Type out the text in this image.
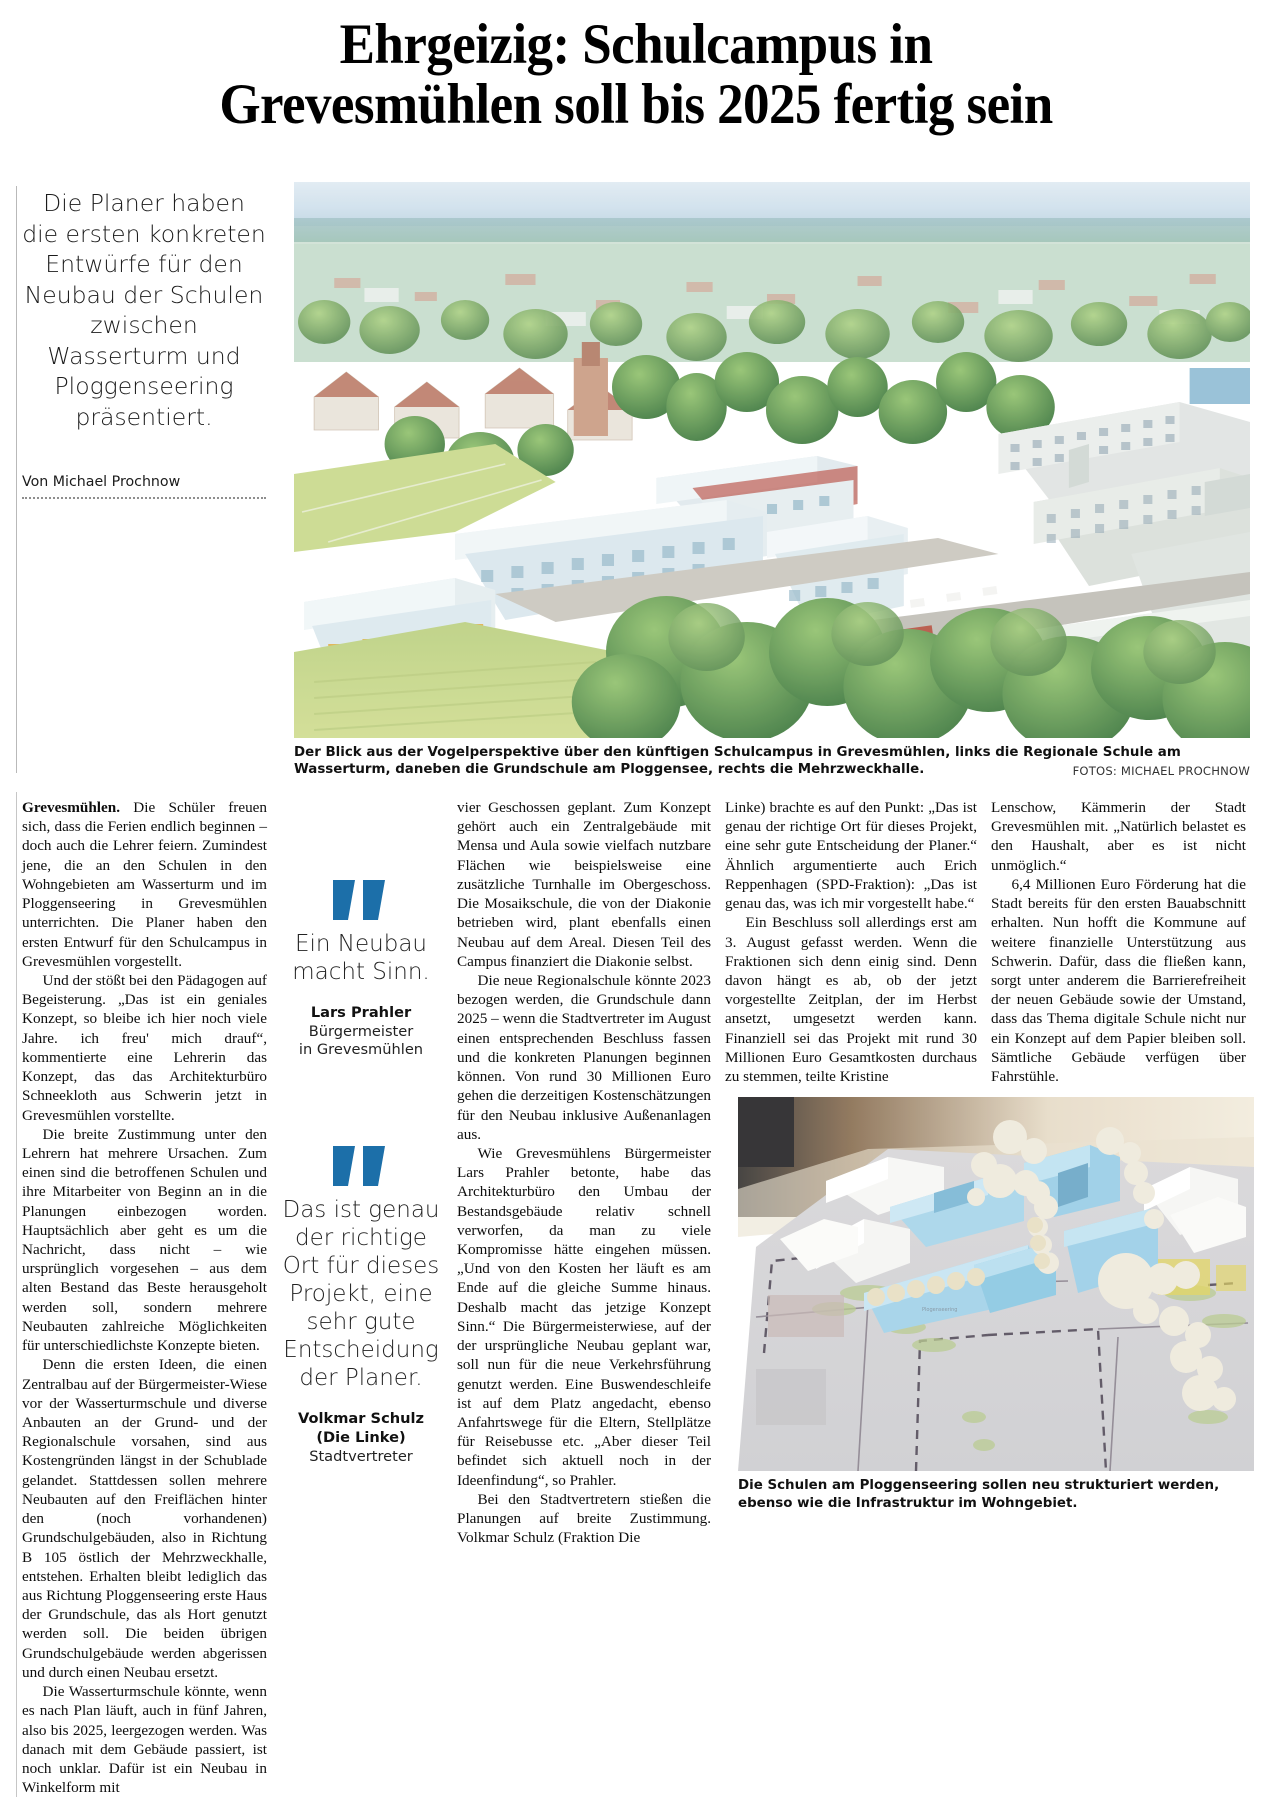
Ehrgeizig: Schulcampus in
Grevesmühlen soll bis 2025 fertig sein
Die Planer haben die ersten konkreten Entwürfe für den Neubau der Schulen zwischen Wasserturm und Ploggenseering präsentiert.
Von Michael Prochnow
Der Blick aus der Vogelperspektive über den künftigen Schulcampus in Grevesmühlen, links die Regionale Schule am Wasserturm, daneben die Grundschule am Ploggensee, rechts die Mehrzweckhalle.	FOTOS: MICHAEL PROCHNOW

Grevesmühlen. Die Schüler freuen sich, dass die Ferien endlich beginnen – doch auch die Lehrer feiern. Zumindest jene, die an den Schulen in den Wohngebieten am Wasserturm und im Ploggenseering in Grevesmühlen unterrichten. Die Planer haben den ersten Entwurf für den Schulcampus in Grevesmühlen vorgestellt.

Und der stößt bei den Pädagogen auf Begeisterung. „Das ist ein geniales Konzept, so bleibe ich hier noch viele Jahre. ich freu' mich drauf“, kommentierte eine Lehrerin das Konzept, das das Architekturbüro Schneekloth aus Schwerin jetzt in Grevesmühlen vorstellte.

Die breite Zustimmung unter den Lehrern hat mehrere Ursachen. Zum einen sind die betroffenen Schulen und ihre Mitarbeiter von Beginn an in die Planungen einbezogen worden. Hauptsächlich aber geht es um die Nachricht, dass nicht – wie ursprünglich vorgesehen – aus dem alten Bestand das Beste herausgeholt werden soll, sondern mehrere Neubauten zahlreiche Möglichkeiten für unterschiedlichste Konzepte bieten.

Denn die ersten Ideen, die einen Zentralbau auf der Bürgermeister-Wiese vor der Wasserturmschule und diverse Anbauten an der Grund- und der Regionalschule vorsahen, sind aus Kostengründen längst in der Schublade gelandet. Stattdessen sollen mehrere Neubauten auf den Freiflächen hinter den (noch vorhandenen) Grundschulgebäuden, also in Richtung B 105 östlich der Mehrzweckhalle, entstehen. Erhalten bleibt lediglich das aus Richtung Ploggenseering erste Haus der Grundschule, das als Hort genutzt werden soll. Die beiden übrigen Grundschulgebäude werden abgerissen und durch einen Neubau ersetzt.

Die Wasserturmschule könnte, wenn es nach Plan läuft, auch in fünf Jahren, also bis 2025, leergezogen werden. Was danach mit dem Gebäude passiert, ist noch unklar. Dafür ist ein Neubau in Winkelform mit

Ein Neubau macht Sinn.
Lars Prahler
Bürgermeister
in Grevesmühlen
Das ist genau der richtige Ort für dieses Projekt, eine sehr gute Entscheidung der Planer.
Volkmar Schulz
(Die Linke)
Stadtvertreter

vier Geschossen geplant. Zum Konzept gehört auch ein Zentralgebäude mit Mensa und Aula sowie vielfach nutzbare Flächen wie beispielsweise eine zusätzliche Turnhalle im Obergeschoss. Die Mosaikschule, die von der Diakonie betrieben wird, plant ebenfalls einen Neubau auf dem Areal. Diesen Teil des Campus finanziert die Diakonie selbst.

Die neue Regionalschule könnte 2023 bezogen werden, die Grundschule dann 2025 – wenn die Stadtvertreter im August einen entsprechenden Beschluss fassen und die konkreten Planungen beginnen können. Von rund 30 Millionen Euro gehen die derzeitigen Kostenschätzungen für den Neubau inklusive Außenanlagen aus.

Wie Grevesmühlens Bürgermeister Lars Prahler betonte, habe das Architekturbüro den Umbau der Bestandsgebäude relativ schnell verworfen, da man zu viele Kompromisse hätte eingehen müssen. „Und von den Kosten her läuft es am Ende auf die gleiche Summe hinaus. Deshalb macht das jetzige Konzept Sinn.“ Die Bürgermeisterwiese, auf der der ursprüngliche Neubau geplant war, soll nun für die neue Verkehrsführung genutzt werden. Eine Buswendeschleife ist auf dem Platz angedacht, ebenso Anfahrtswege für die Eltern, Stellplätze für Reisebusse etc. „Aber dieser Teil befindet sich aktuell noch in der Ideenfindung“, so Prahler.

Bei den Stadtvertretern stießen die Planungen auf breite Zustimmung. Volkmar Schulz (Fraktion Die

Linke) brachte es auf den Punkt: „Das ist genau der richtige Ort für dieses Projekt, eine sehr gute Entscheidung der Planer.“ Ähnlich argumentierte auch Erich Reppenhagen (SPD-Fraktion): „Das ist genau das, was ich mir vorgestellt habe.“

Ein Beschluss soll allerdings erst am 3. August gefasst werden. Wenn die Fraktionen sich denn einig sind. Denn davon hängt es ab, ob der jetzt vorgestellte Zeitplan, der im Herbst ansetzt, umgesetzt werden kann. Finanziell sei das Projekt mit rund 30 Millionen Euro Gesamtkosten durchaus zu stemmen, teilte Kristine

Lenschow, Kämmerin der Stadt Grevesmühlen mit. „Natürlich belastet es den Haushalt, aber es ist nicht unmöglich.“

6,4 Millionen Euro Förderung hat die Stadt bereits für den ersten Bauabschnitt erhalten. Nun hofft die Kommune auf weitere finanzielle Unterstützung aus Schwerin. Dafür, dass die fließen kann, sorgt unter anderem die Barrierefreiheit der neuen Gebäude sowie der Umstand, dass das Thema digitale Schule nicht nur ein Konzept auf dem Papier bleiben soll. Sämtliche Gebäude verfügen über Fahrstühle.

Plogenseering
Die Schulen am Ploggenseering sollen neu strukturiert werden, ebenso wie die Infrastruktur im Wohngebiet.
